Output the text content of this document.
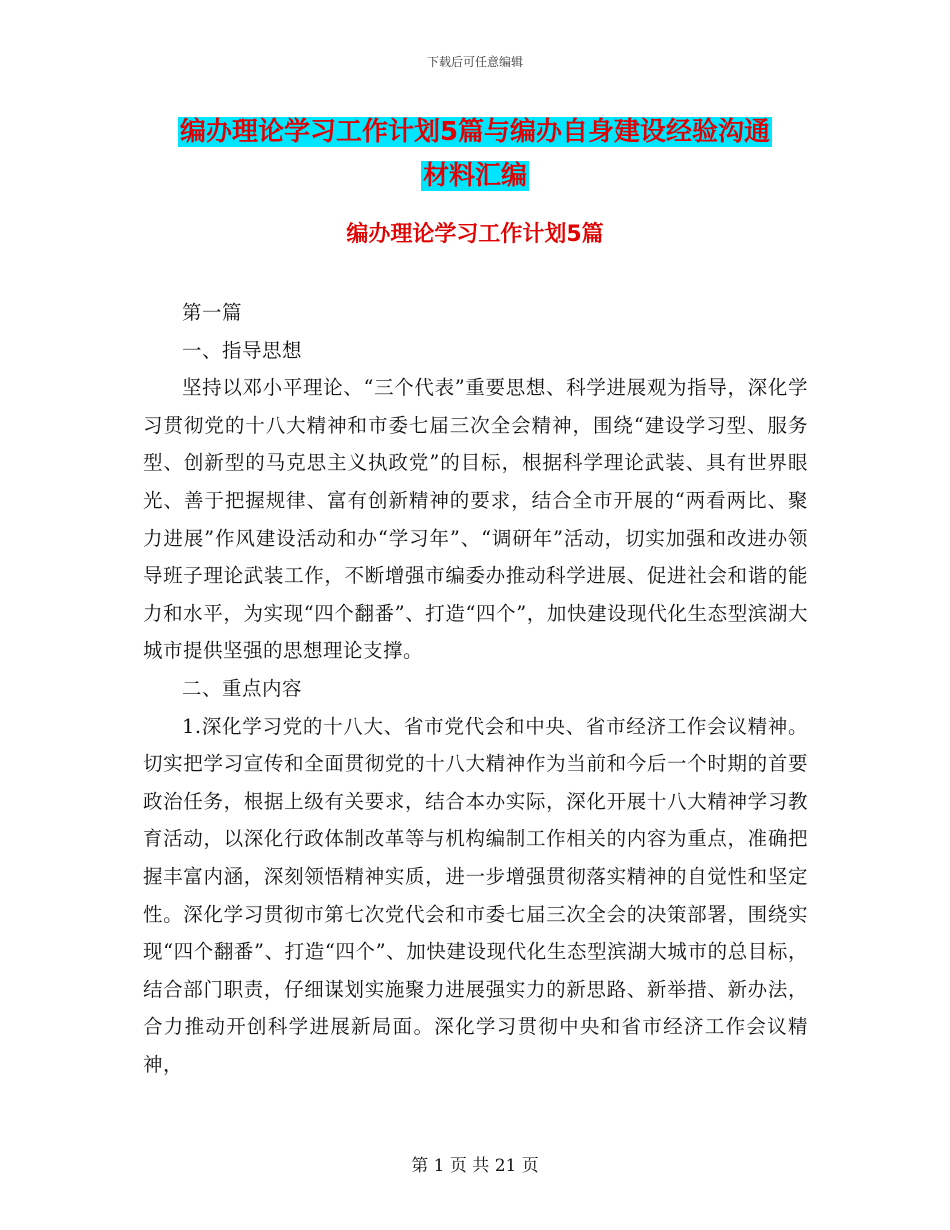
下载后可任意编辑
编办理论学习工作计划5篇与编办自身建设经验沟通
材料汇编
编办理论学习工作计划5篇

第一篇

一、指导思想

坚持以邓小平理论、“三个代表”重要思想、科学进展观为指导，深化学习贯彻党的十八大精神和市委七届三次全会精神，围绕“建设学习型、服务型、创新型的马克思主义执政党”的目标，根据科学理论武装、具有世界眼光、善于把握规律、富有创新精神的要求，结合全市开展的“两看两比、聚力进展”作风建设活动和办“学习年”、“调研年”活动，切实加强和改进办领导班子理论武装工作，不断增强市编委办推动科学进展、促进社会和谐的能力和水平，为实现“四个翻番”、打造“四个”，加快建设现代化生态型滨湖大城市提供坚强的思想理论支撑。

二、重点内容

1.深化学习党的十八大、省市党代会和中央、省市经济工作会议精神。切实把学习宣传和全面贯彻党的十八大精神作为当前和今后一个时期的首要政治任务，根据上级有关要求，结合本办实际，深化开展十八大精神学习教育活动，以深化行政体制改革等与机构编制工作相关的内容为重点，准确把握丰富内涵，深刻领悟精神实质，进一步增强贯彻落实精神的自觉性和坚定性。深化学习贯彻市第七次党代会和市委七届三次全会的决策部署，围绕实现“四个翻番”、打造“四个”、加快建设现代化生态型滨湖大城市的总目标，结合部门职责，仔细谋划实施聚力进展强实力的新思路、新举措、新办法，合力推动开创科学进展新局面。深化学习贯彻中央和省市经济工作会议精神，

第 1 页 共 21 页
